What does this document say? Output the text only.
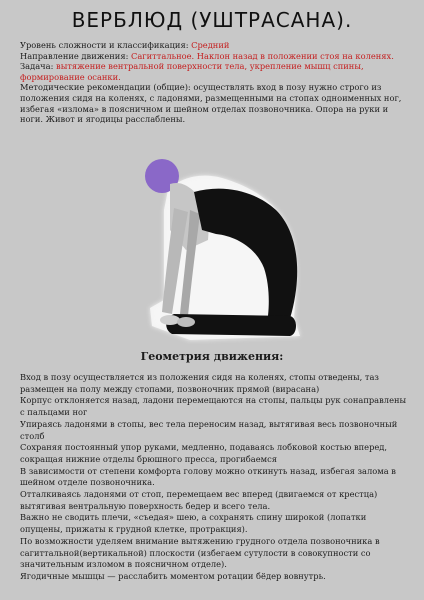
ВЕРБЛЮД (УШТРАСАНА).

Уровень сложности и классификация: Средний

Направление движения: Сагиттальное. Наклон назад в положении стоя на коленях.

Задача: вытяжение вентральной поверхности тела, укрепление мышц спины, формирование осанки.

Методические рекомендации (общие): осуществлять вход в позу нужно строго из положения сидя на коленях, с ладонями, размещенными на стопах одноименных ног, избегая «излома» в поясничном и шейном отделах позвоночника. Опора на руки и ноги. Живот и ягодицы расслаблены.

Геометрия движения:

Вход в позу осуществляется из положения сидя на коленях, стопы отведены, таз размещен на полу между стопами, позвоночник прямой (вирасана)

Корпус отклоняется назад, ладони перемещаются на стопы, пальцы рук сонаправлены с пальцами ног

Упираясь ладонями в стопы, вес тела переносим назад, вытягивая весь позвоночный столб

Сохраняя постоянный упор руками, медленно, подаваясь лобковой костью вперед, сокращая нижние отделы брюшного пресса, прогибаемся

В зависимости от степени комфорта голову можно откинуть назад, избегая залома в шейном отделе позвоночника.

Отталкиваясь ладонями от стоп, перемещаем вес вперед (двигаемся от крестца) вытягивая вентральную поверхность бедер и всего тела.

Важно не сводить плечи, «съедая» шею, а сохранять спину широкой (лопатки опущены, прижаты к грудной клетке, протракция).

По возможности уделяем внимание вытяжению грудного отдела позвоночника в сагиттальной(вертикальной) плоскости (избегаем сутулости в совокупности со значительным изломом в поясничном отделе).

Ягодичные мышцы — расслабить моментом ротации бёдер вовнутрь.
